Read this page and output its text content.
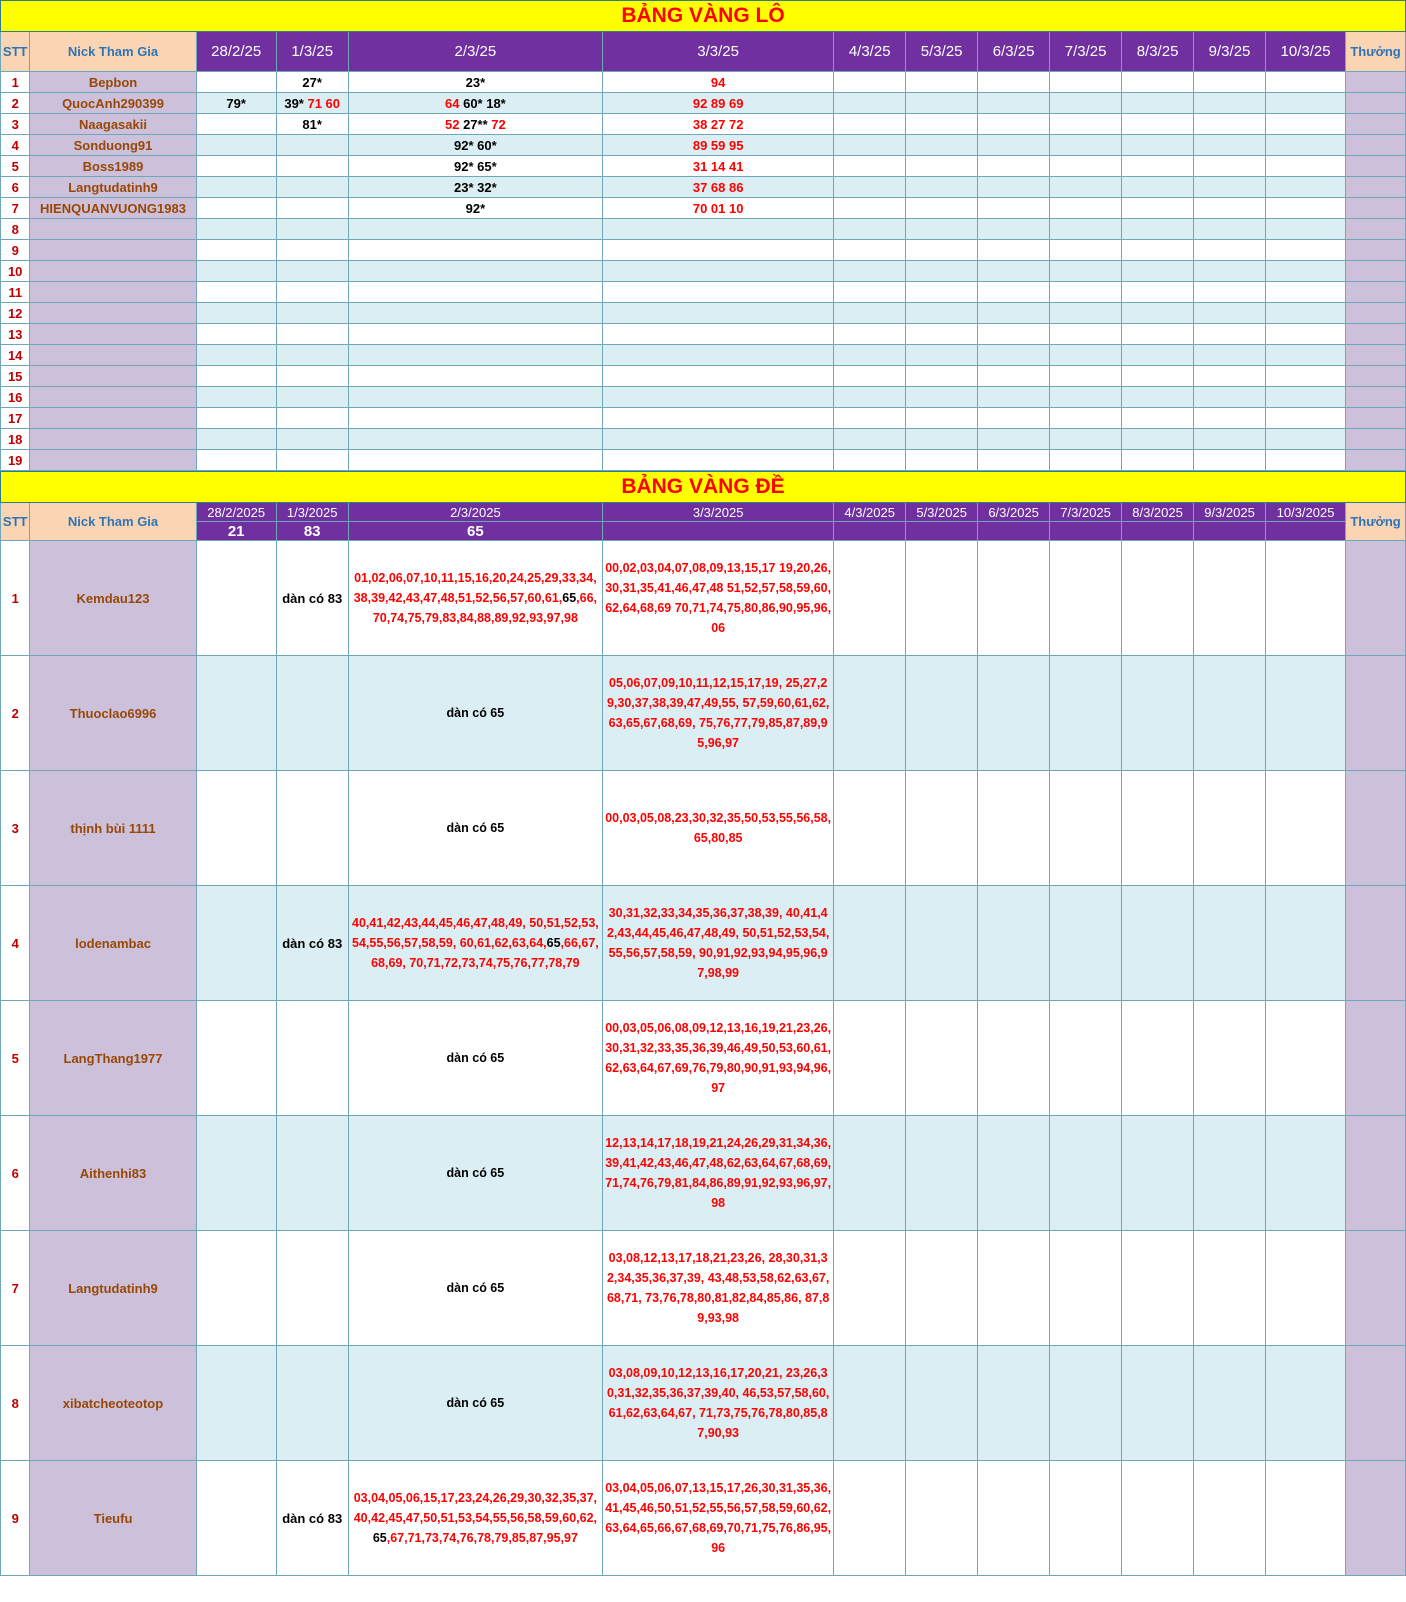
BẢNG VÀNG LÔ													
STT	Nick Tham Gia	28/2/25	1/3/25	2/3/25	3/3/25	4/3/25	5/3/25	6/3/25	7/3/25	8/3/25	9/3/25	10/3/25	Thưởng
1	Bepbon		27*	23*	94								
2	QuocAnh290399	79*	39* 71 60	64 60* 18*	92 89 69								
3	Naagasakii		81*	52 27** 72	38 27 72								
4	Sonduong91			92* 60*	89 59 95								
5	Boss1989			92* 65*	31 14 41								
6	Langtudatinh9			23* 32*	37 68 86								
7	HIENQUANVUONG1983			92*	70 01 10								
8													
9													
10													
11													
12													
13													
14													
15													
16													
17													
18													
19													
BẢNG VÀNG ĐỀ													
STT	Nick Tham Gia	28/2/2025	1/3/2025	2/3/2025	3/3/2025	4/3/2025	5/3/2025	6/3/2025	7/3/2025	8/3/2025	9/3/2025	10/3/2025	Thưởng
		21	83	65									
1	Kemdau123		dàn có 83	01,02,06,07,10,11,15,16,20,24,25,29,33,34,38,39,42,43,47,48,51,52,56,57,60,61,65,66,70,74,75,79,83,84,88,89,92,93,97,98	00,02,03,04,07,08,09,13,15,17 19,20,26,30,31,35,41,46,47,48 51,52,57,58,59,60,62,64,68,69 70,71,74,75,80,86,90,95,96,06								
2	Thuoclao6996			dàn có 65	05,06,07,09,10,11,12,15,17,19, 25,27,29,30,37,38,39,47,49,55, 57,59,60,61,62,63,65,67,68,69, 75,76,77,79,85,87,89,95,96,97								
3	thịnh bùi 1111			dàn có 65	00,03,05,08,23,30,32,35,50,53,55,56,58,65,80,85								
4	lodenambac		dàn có 83	40,41,42,43,44,45,46,47,48,49, 50,51,52,53,54,55,56,57,58,59, 60,61,62,63,64,65,66,67,68,69, 70,71,72,73,74,75,76,77,78,79	30,31,32,33,34,35,36,37,38,39, 40,41,42,43,44,45,46,47,48,49, 50,51,52,53,54,55,56,57,58,59, 90,91,92,93,94,95,96,97,98,99								
5	LangThang1977			dàn có 65	00,03,05,06,08,09,12,13,16,19,21,23,26,30,31,32,33,35,36,39,46,49,50,53,60,61,62,63,64,67,69,76,79,80,90,91,93,94,96,97								
6	Aithenhi83			dàn có 65	12,13,14,17,18,19,21,24,26,29,31,34,36,39,41,42,43,46,47,48,62,63,64,67,68,69,71,74,76,79,81,84,86,89,91,92,93,96,97,98								
7	Langtudatinh9			dàn có 65	03,08,12,13,17,18,21,23,26, 28,30,31,32,34,35,36,37,39, 43,48,53,58,62,63,67,68,71, 73,76,78,80,81,82,84,85,86, 87,89,93,98								
8	xibatcheoteotop			dàn có 65	03,08,09,10,12,13,16,17,20,21, 23,26,30,31,32,35,36,37,39,40, 46,53,57,58,60,61,62,63,64,67, 71,73,75,76,78,80,85,87,90,93								
9	Tieufu		dàn có 83	03,04,05,06,15,17,23,24,26,29,30,32,35,37,40,42,45,47,50,51,53,54,55,56,58,59,60,62,65,67,71,73,74,76,78,79,85,87,95,97	03,04,05,06,07,13,15,17,26,30,31,35,36,41,45,46,50,51,52,55,56,57,58,59,60,62,63,64,65,66,67,68,69,70,71,75,76,86,95,96								
